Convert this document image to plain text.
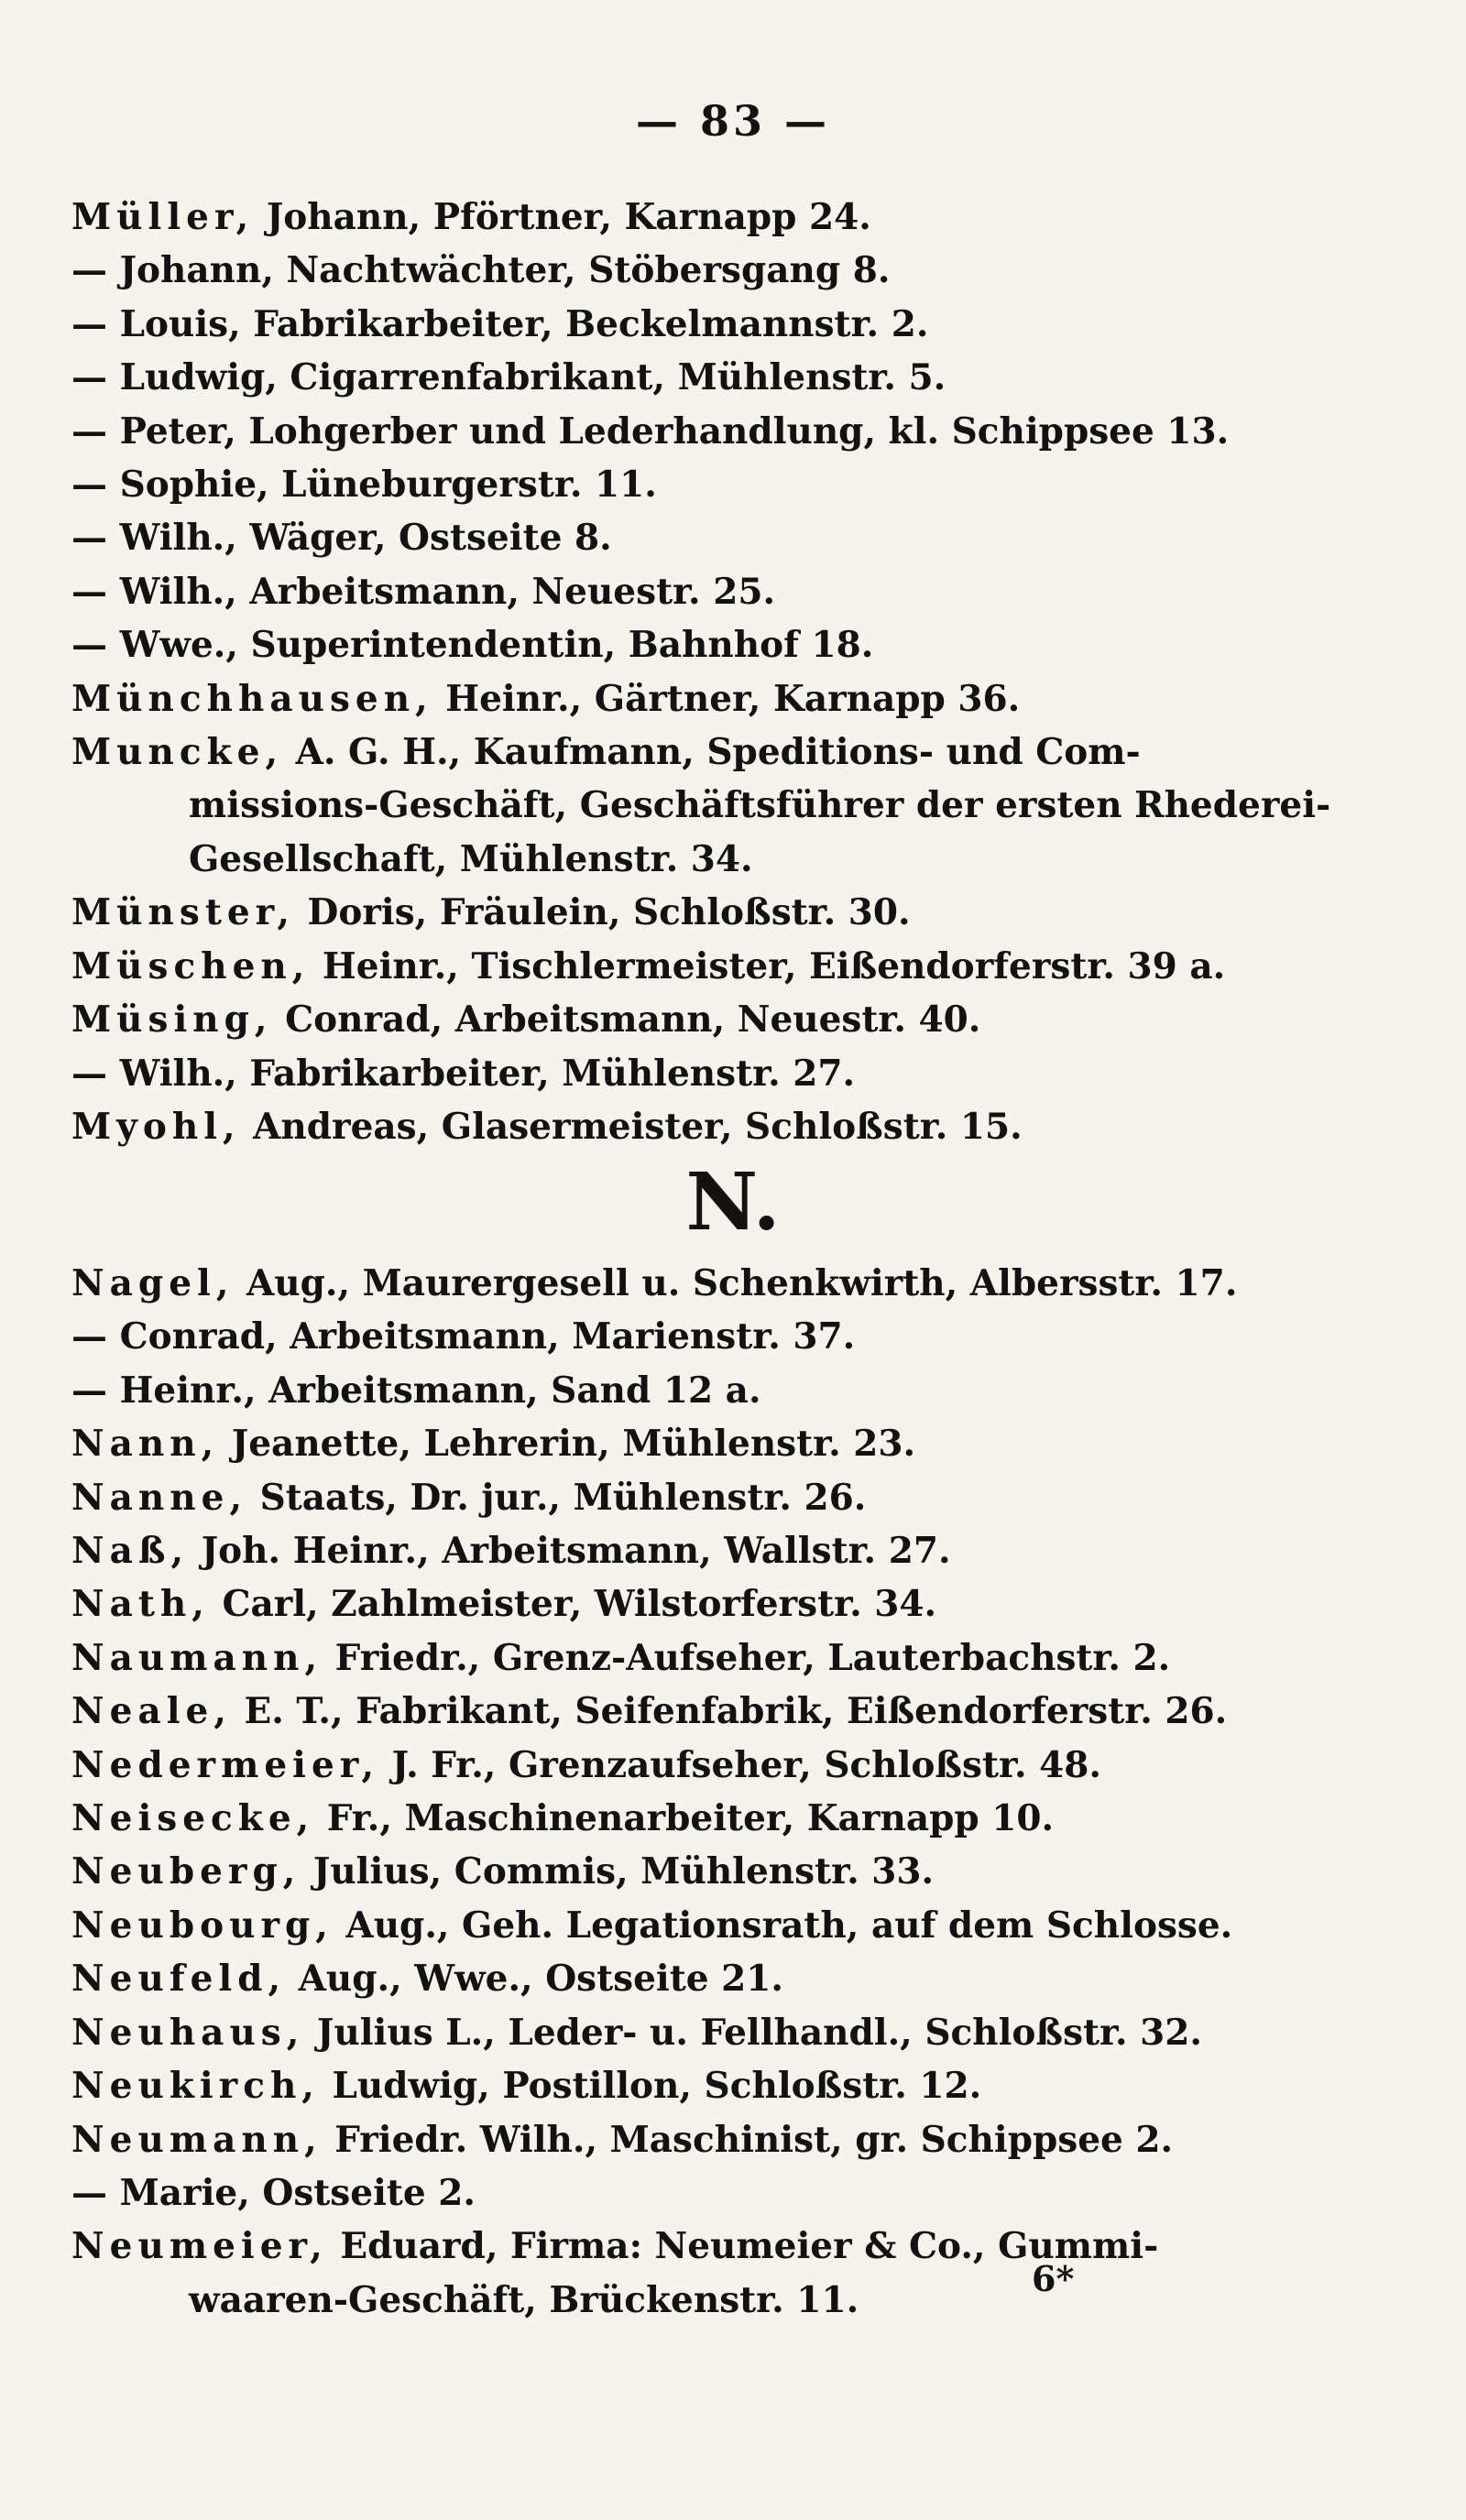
— 83 —
Müller, Johann, Pförtner, Karnapp 24.
— Johann, Nachtwächter, Stöbersgang 8.
— Louis, Fabrikarbeiter, Beckelmannstr. 2.
— Ludwig, Cigarrenfabrikant, Mühlenstr. 5.
— Peter, Lohgerber und Lederhandlung, kl. Schippsee 13.
— Sophie, Lüneburgerstr. 11.
— Wilh., Wäger, Ostseite 8.
— Wilh., Arbeitsmann, Neuestr. 25.
— Wwe., Superintendentin, Bahnhof 18.
Münchhausen, Heinr., Gärtner, Karnapp 36.
Muncke, A. G. H., Kaufmann, Speditions- und Com-
missions-Geschäft, Geschäftsführer der ersten Rhederei-
Gesellschaft, Mühlenstr. 34.
Münster, Doris, Fräulein, Schloßstr. 30.
Müschen, Heinr., Tischlermeister, Eißendorferstr. 39 a.
Müsing, Conrad, Arbeitsmann, Neuestr. 40.
— Wilh., Fabrikarbeiter, Mühlenstr. 27.
Myohl, Andreas, Glasermeister, Schloßstr. 15.
N.
Nagel, Aug., Maurergesell u. Schenkwirth, Albersstr. 17.
— Conrad, Arbeitsmann, Marienstr. 37.
— Heinr., Arbeitsmann, Sand 12 a.
Nann, Jeanette, Lehrerin, Mühlenstr. 23.
Nanne, Staats, Dr. jur., Mühlenstr. 26.
Naß, Joh. Heinr., Arbeitsmann, Wallstr. 27.
Nath, Carl, Zahlmeister, Wilstorferstr. 34.
Naumann, Friedr., Grenz-Aufseher, Lauterbachstr. 2.
Neale, E. T., Fabrikant, Seifenfabrik, Eißendorferstr. 26.
Nedermeier, J. Fr., Grenzaufseher, Schloßstr. 48.
Neisecke, Fr., Maschinenarbeiter, Karnapp 10.
Neuberg, Julius, Commis, Mühlenstr. 33.
Neubourg, Aug., Geh. Legationsrath, auf dem Schlosse.
Neufeld, Aug., Wwe., Ostseite 21.
Neuhaus, Julius L., Leder- u. Fellhandl., Schloßstr. 32.
Neukirch, Ludwig, Postillon, Schloßstr. 12.
Neumann, Friedr. Wilh., Maschinist, gr. Schippsee 2.
— Marie, Ostseite 2.
Neumeier, Eduard, Firma: Neumeier & Co., Gummi-
waaren-Geschäft, Brückenstr. 11.
6*
